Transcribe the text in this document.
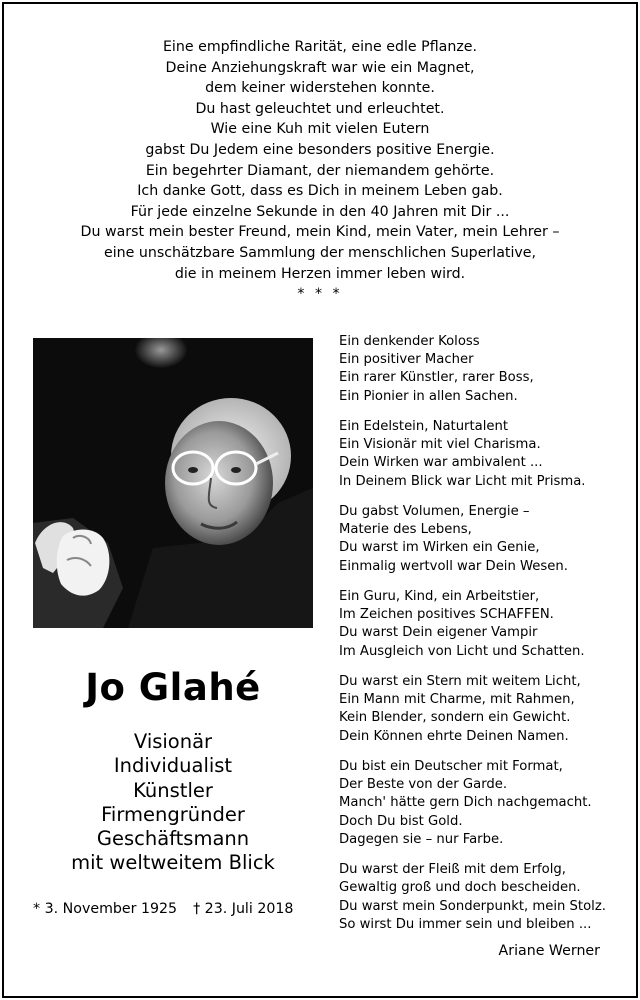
Eine empfindliche Rarität, eine edle Pflanze.
Deine Anziehungskraft war wie ein Magnet,
dem keiner widerstehen konnte.
Du hast geleuchtet und erleuchtet.
Wie eine Kuh mit vielen Eutern
gabst Du Jedem eine besonders positive Energie.
Ein begehrter Diamant, der niemandem gehörte.
Ich danke Gott, dass es Dich in meinem Leben gab.
Für jede einzelne Sekunde in den 40 Jahren mit Dir ...
Du warst mein bester Freund, mein Kind, mein Vater, mein Lehrer –
eine unschätzbare Sammlung der menschlichen Superlative,
die in meinem Herzen immer leben wird.
* * *
Jo Glahé
Visionär
Individualist
Künstler
Firmengründer
Geschäftsmann
mit weltweitem Blick
* 3. November 1925 † 23. Juli 2018
Ein denkender Koloss
Ein positiver Macher
Ein rarer Künstler, rarer Boss,
Ein Pionier in allen Sachen.
Ein Edelstein, Naturtalent
Ein Visionär mit viel Charisma.
Dein Wirken war ambivalent ...
In Deinem Blick war Licht mit Prisma.
Du gabst Volumen, Energie –
Materie des Lebens,
Du warst im Wirken ein Genie,
Einmalig wertvoll war Dein Wesen.
Ein Guru, Kind, ein Arbeitstier,
Im Zeichen positives SCHAFFEN.
Du warst Dein eigener Vampir
Im Ausgleich von Licht und Schatten.
Du warst ein Stern mit weitem Licht,
Ein Mann mit Charme, mit Rahmen,
Kein Blender, sondern ein Gewicht.
Dein Können ehrte Deinen Namen.
Du bist ein Deutscher mit Format,
Der Beste von der Garde.
Manch' hätte gern Dich nachgemacht.
Doch Du bist Gold.
Dagegen sie – nur Farbe.
Du warst der Fleiß mit dem Erfolg,
Gewaltig groß und doch bescheiden.
Du warst mein Sonderpunkt, mein Stolz.
So wirst Du immer sein und bleiben ...
Ariane Werner
